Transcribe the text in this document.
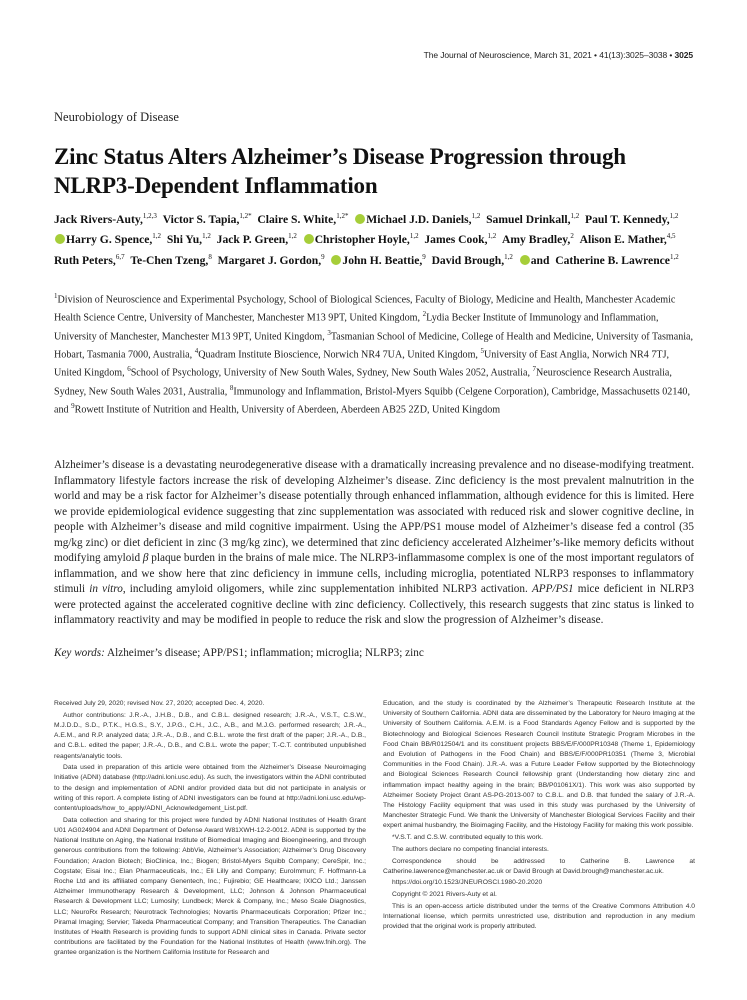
The Journal of Neuroscience, March 31, 2021 • 41(13):3025–3038 • 3025
Neurobiology of Disease
Zinc Status Alters Alzheimer’s Disease Progression through NLRP3-Dependent Inflammation
Jack Rivers-Auty,$^{1,2,3}$  Victor S. Tapia,$^{1,2*}$  Claire S. White,$^{1,2*}$  Michael J.D. Daniels,$^{1,2}$  Samuel Drinkall,$^{1,2}$  Paul T. Kennedy,$^{1,2}$ Harry G. Spence,$^{1,2}$  Shi Yu,$^{1,2}$  Jack P. Green,$^{1,2}$  Christopher Hoyle,$^{1,2}$  James Cook,$^{1,2}$  Amy Bradley,$^2$  Alison E. Mather,$^{4,5}$ Ruth Peters,$^{6,7}$  Te-Chen Tzeng,$^8$  Margaret J. Gordon,$^9$  John H. Beattie,$^9$  David Brough,$^{1,2}$  and  Catherine B. Lawrence$^{1,2}$ 
$^1$Division of Neuroscience and Experimental Psychology, School of Biological Sciences, Faculty of Biology, Medicine and Health, Manchester Academic Health Science Centre, University of Manchester, Manchester M13 9PT, United Kingdom, $^2$Lydia Becker Institute of Immunology and Inflammation, University of Manchester, Manchester M13 9PT, United Kingdom, $^3$Tasmanian School of Medicine, College of Health and Medicine, University of Tasmania, Hobart, Tasmania 7000, Australia, $^4$Quadram Institute Bioscience, Norwich NR4 7UA, United Kingdom, $^5$University of East Anglia, Norwich NR4 7TJ, United Kingdom, $^6$School of Psychology, University of New South Wales, Sydney, New South Wales 2052, Australia, $^7$Neuroscience Research Australia, Sydney, New South Wales 2031, Australia, $^8$Immunology and Inflammation, Bristol-Myers Squibb (Celgene Corporation), Cambridge, Massachusetts 02140, and $^9$Rowett Institute of Nutrition and Health, University of Aberdeen, Aberdeen AB25 2ZD, United Kingdom
Alzheimer’s disease is a devastating neurodegenerative disease with a dramatically increasing prevalence and no disease-modifying treatment. Inflammatory lifestyle factors increase the risk of developing Alzheimer’s disease. Zinc deficiency is the most prevalent malnutrition in the world and may be a risk factor for Alzheimer’s disease potentially through enhanced inflammation, although evidence for this is limited. Here we provide epidemiological evidence suggesting that zinc supplementation was associated with reduced risk and slower cognitive decline, in people with Alzheimer’s disease and mild cognitive impairment. Using the APP/PS1 mouse model of Alzheimer’s disease fed a control (35 mg/kg zinc) or diet deficient in zinc (3 mg/kg zinc), we determined that zinc deficiency accelerated Alzheimer’s-like memory deficits without modifying amyloid β plaque burden in the brains of male mice. The NLRP3-inflammasome complex is one of the most important regulators of inflammation, and we show here that zinc deficiency in immune cells, including microglia, potentiated NLRP3 responses to inflammatory stimuli in vitro, including amyloid oligomers, while zinc supplementation inhibited NLRP3 activation. APP/PS1 mice deficient in NLRP3 were protected against the accelerated cognitive decline with zinc deficiency. Collectively, this research suggests that zinc status is linked to inflammatory reactivity and may be modified in people to reduce the risk and slow the progression of Alzheimer’s disease.
Key words: Alzheimer’s disease; APP/PS1; inflammation; microglia; NLRP3; zinc

Received July 29, 2020; revised Nov. 27, 2020; accepted Dec. 4, 2020.

Author contributions: J.R.-A., J.H.B., D.B., and C.B.L. designed research; J.R.-A., V.S.T., C.S.W., M.J.D.D., S.D., P.T.K., H.G.S., S.Y., J.P.G., C.H., J.C., A.B., and M.J.G. performed research; J.R.-A., A.E.M., and R.P. analyzed data; J.R.-A., D.B., and C.B.L. wrote the first draft of the paper; J.R.-A., D.B., and C.B.L. edited the paper; J.R.-A., D.B., and C.B.L. wrote the paper; T.-C.T. contributed unpublished reagents/analytic tools.

Data used in preparation of this article were obtained from the Alzheimer’s Disease Neuroimaging Initiative (ADNI) database (http://adni.loni.usc.edu). As such, the investigators within the ADNI contributed to the design and implementation of ADNI and/or provided data but did not participate in analysis or writing of this report. A complete listing of ADNI investigators can be found at http://adni.loni.usc.edu/wp-content/uploads/how_to_apply/ADNI_Acknowledgement_List.pdf.

Data collection and sharing for this project were funded by ADNI National Institutes of Health Grant U01 AG024904 and ADNI Department of Defense Award W81XWH-12-2-0012. ADNI is supported by the National Institute on Aging, the National Institute of Biomedical Imaging and Bioengineering, and through generous contributions from the following: AbbVie, Alzheimer’s Association; Alzheimer’s Drug Discovery Foundation; Araclon Biotech; BioClinica, Inc.; Biogen; Bristol-Myers Squibb Company; CereSpir, Inc.; Cogstate; Eisai Inc.; Elan Pharmaceuticals, Inc.; Eli Lilly and Company; EuroImmun; F. Hoffmann-La Roche Ltd and its affiliated company Genentech, Inc.; Fujirebio; GE Healthcare; IXICO Ltd.; Janssen Alzheimer Immunotherapy Research & Development, LLC; Johnson & Johnson Pharmaceutical Research & Development LLC; Lumosity; Lundbeck; Merck & Company, Inc.; Meso Scale Diagnostics, LLC; NeuroRx Research; Neurotrack Technologies; Novartis Pharmaceuticals Corporation; Pfizer Inc.; Piramal Imaging; Servier; Takeda Pharmaceutical Company; and Transition Therapeutics. The Canadian Institutes of Health Research is providing funds to support ADNI clinical sites in Canada. Private sector contributions are facilitated by the Foundation for the National Institutes of Health (www.fnih.org). The grantee organization is the Northern California Institute for Research and

Education, and the study is coordinated by the Alzheimer’s Therapeutic Research Institute at the University of Southern California. ADNI data are disseminated by the Laboratory for Neuro Imaging at the University of Southern California. A.E.M. is a Food Standards Agency Fellow and is supported by the Biotechnology and Biological Sciences Research Council Institute Strategic Program Microbes in the Food Chain BB/R012504/1 and its constituent projects BBS/E/F/000PR10348 (Theme 1, Epidemiology and Evolution of Pathogens in the Food Chain) and BBS/E/F/000PR10351 (Theme 3, Microbial Communities in the Food Chain). J.R.-A. was a Future Leader Fellow supported by the Biotechnology and Biological Sciences Research Council fellowship grant (Understanding how dietary zinc and inflammation impact healthy ageing in the brain; BB/P01061X/1). This work was also supported by Alzheimer Society Project Grant AS-PG-2013-007 to C.B.L. and D.B. that funded the salary of J.R.-A. The Histology Facility equipment that was used in this study was purchased by the University of Manchester Strategic Fund. We thank the University of Manchester Biological Services Facility and their expert animal husbandry, the Bioimaging Facility, and the Histology Facility for making this work possible.

*V.S.T. and C.S.W. contributed equally to this work.

The authors declare no competing financial interests.

Correspondence should be addressed to Catherine B. Lawrence at Catherine.lawerence@manchester.ac.uk or David Brough at David.brough@manchester.ac.uk.

https://doi.org/10.1523/JNEUROSCI.1980-20.2020

Copyright © 2021 Rivers-Auty et al.

This is an open-access article distributed under the terms of the Creative Commons Attribution 4.0 International license, which permits unrestricted use, distribution and reproduction in any medium provided that the original work is properly attributed.
